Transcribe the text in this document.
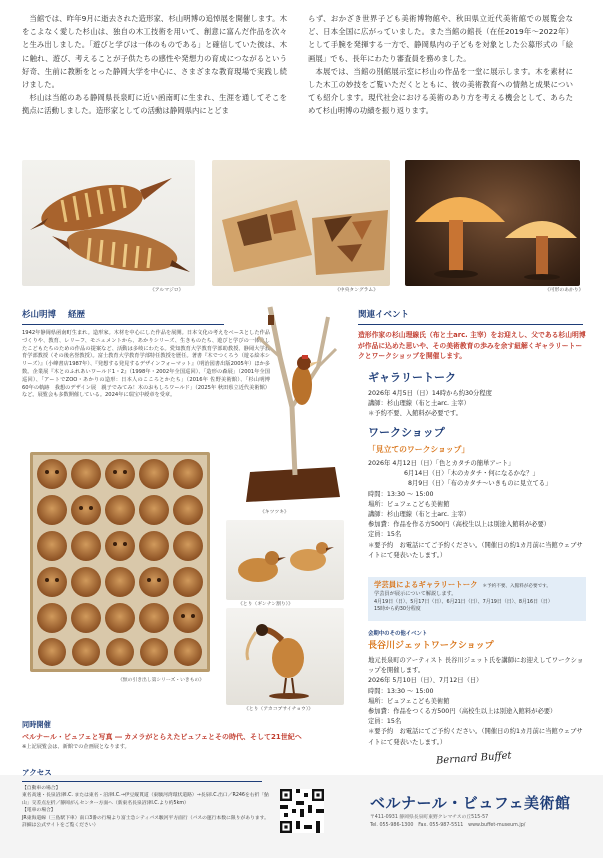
当館では、昨年9月に逝去された造形家、杉山明博の追悼展を開催します。木をこよなく愛した杉山は、独自の木工技術を用いて、創意に富んだ作品を次々と生み出しました。「遊びと学びは一体のものである」と確信していた彼は、木に触れ、遊び、考えることが子供たちの感性や発想力の育成につながるという好奇、生前に教断をとった静岡大学を中心に、さまざまな教育現場で実践し続けました。

杉山は当館のある静岡県長泉町に近い函南町に生まれ、生涯を通してそこを拠点に活動しました。造形家としての活動は静岡県内にとどま

らず、おかざき世界子ども美術博物館や、秋田県立近代美術館での展覧会など、日本全国に広がっていました。また当館の館長（在任2019年〜2022年）として手腕を発揮する一方で、静岡県内の子どもを対象とした公募形式の「絵画展」でも、長年にわたり審査員を務めました。

本展では、当館の別館展示室に杉山の作品を一堂に展示します。木を素材にした木工の妙技をご覧いただくとともに、彼の美術教育への情熱と成果についても紹介します。現代社会における美術のあり方を考える機会として、あらためて杉山明博の功績を振り返ります。

《アルマジロ》	《中央タングラム》	《可形のあかり》
杉山明博 経歴
1942年静岡県函南町生まれ。造形家。木材を中心にした作品を展開。日本文化の考えをベースとした作品づくりや、教育、レリーフ、モニュメントから、あかりシリーズ、生きものたち、遊びと学びの一体化したこどもたちのための作品の提案など、活動は多岐にわたる。愛知教育大学教育学部助教授、静岡大学教育学部教授（その後名誉教授）。富士教育大学教育学部特任教授を歴任。著書『木でつくろう（遊る絵本シリーズ）』（小峰書店1987年）、『発想する発見するデザインフォーマット』（明治図書出版2005年）ほか多数。企業展『木とのふれあいワールド1・2』（1998年・2002年全国巡回）、「造形の森展」（2001年全国巡回）、「アートでZOO・あかりの造形：日本人のこころとかたち」（2016年 佐野美術館）、「杉山明博　60年の軌跡　我想のデザイン展　親子でみてみ！木のおもしろワールド」（2025年 秋田県立近代美術館）など。展覧会も多数開催している。2024年に瑞宝中綬章を受章。
《キツツキ》
《無の引き出し第シリーズ・いきもの》
《とり（ギンナン割り）》
《とり（アカコブサイチョウ）》
関連イベント
造形作家の杉山理線氏（布と土arc. 主宰）をお迎えし、父である杉山明博が作品に込めた思いや、その美術教育の歩みを余す紐解くギャラリートークとワークショップを開催します。
ギャラリートーク
2026年 4月5日（日）14時から約30分程度
講師：杉山理線（布と土arc. 主宰）
＊予約不要、入館料が必要です。
ワークショップ
「見立てのワークショップ」
2026年 4月12日（日）「色とカタチの簡単アート」
6月14日（日）「木のカタチ・何になるかな？」
8月9日（日）「布のカタチ〜いきものに見立てる」
時間：13:30 〜 15:00
場所：ビュフェこども美術館
講師：杉山理線（布と土arc. 主宰）
参加費：作品を作る方500円（高校生以上は別途入館料が必要）
定員：15名
＊要予約　お電話にてご予約ください。（開催日の約1カ月前に当館ウェブサイトにて発表いたします。）
学芸員によるギャラリートーク ＊予約不要、入館料が必要です。
学芸員が展示について解説します。
4月19日（日）、5月17日（日）、6月21日（日）、7月19日（日）、8月16日（日）
15時から約30分程度
会期中のその他イベント
長谷川ジェットワークショップ
地元長泉町のアーティスト 長谷川ジェット氏を講師にお迎えしてワークショップを開催します。
2026年 5月10日（日）、7月12日（日）
時間：13:30 〜 15:00
場所：ビュフェこども美術館
参加費：作品をつくる方500円（高校生以上は別途入館料が必要）
定員：15名
＊要予約　お電話にてご予約ください。（開催日の約1カ月前に当館ウェブサイトにて発表いたします。）
同時開催
ベルナール・ビュフェと写真 ― カメラがとらえたビュフェとその時代、そして21世紀へ
※上記展覧会は、新館での企画展となります。
アクセス
【自動車の場合】
東名高速・長泉沼津I.C. または東名・沼津I.C.→伊豆縦貫道（東駿河湾環状道路）→長泉I.C.出口／R246を右折「鮎山」交差点左折／静岡がんセンター方面へ（新東名長泉沼津I.C.より約5km）
【電車の場合】
JR東海道線（三島駅下車）南口3番の行場より富士急シティバス駿河平方面行（バスの運行本数に限りがあります。詳細は公式サイトをご覧ください）
Bernard Buffet
ベルナール・ビュフェ美術館
〒411-0931 静岡県長泉町東野クレマチスの丘515-57
Tel. 055-986-1300　Fax. 055-987-5511　www.buffet-museum.jp/
